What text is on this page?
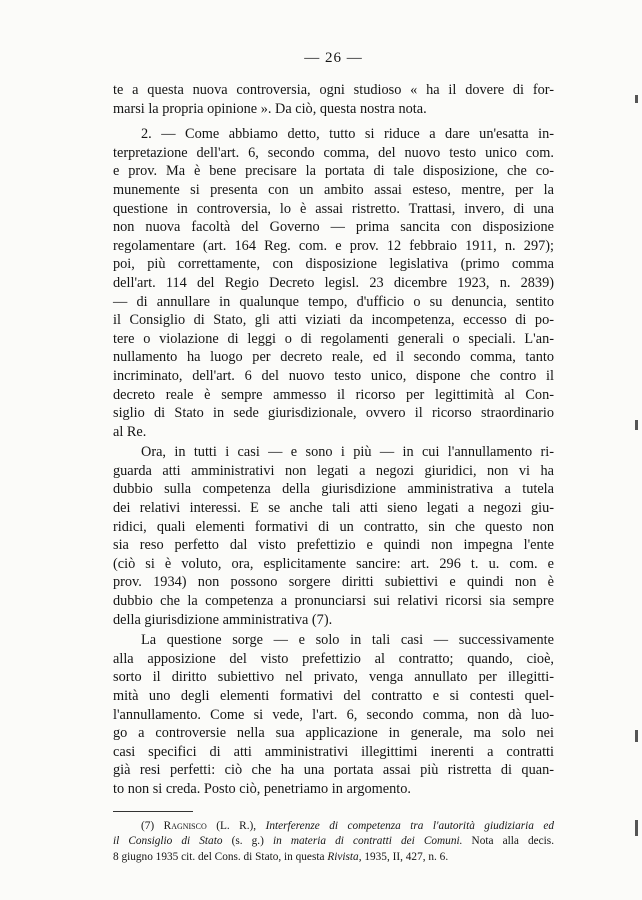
— 26 —
te a questa nuova controversia, ogni studioso « ha il dovere di for-
marsi la propria opinione ». Da ciò, questa nostra nota.
2. — Come abbiamo detto, tutto si riduce a dare un'esatta in-
terpretazione dell'art. 6, secondo comma, del nuovo testo unico com.
e prov. Ma è bene precisare la portata di tale disposizione, che co-
munemente si presenta con un ambito assai esteso, mentre, per la
questione in controversia, lo è assai ristretto. Trattasi, invero, di una
non nuova facoltà del Governo — prima sancita con disposizione
regolamentare (art. 164 Reg. com. e prov. 12 febbraio 1911, n. 297);
poi, più correttamente, con disposizione legislativa (primo comma
dell'art. 114 del Regio Decreto legisl. 23 dicembre 1923, n. 2839)
— di annullare in qualunque tempo, d'ufficio o su denuncia, sentito
il Consiglio di Stato, gli atti viziati da incompetenza, eccesso di po-
tere o violazione di leggi o di regolamenti generali o speciali. L'an-
nullamento ha luogo per decreto reale, ed il secondo comma, tanto
incriminato, dell'art. 6 del nuovo testo unico, dispone che contro il
decreto reale è sempre ammesso il ricorso per legittimità al Con-
siglio di Stato in sede giurisdizionale, ovvero il ricorso straordinario
al Re.
Ora, in tutti i casi — e sono i più — in cui l'annullamento ri-
guarda atti amministrativi non legati a negozi giuridici, non vi ha
dubbio sulla competenza della giurisdizione amministrativa a tutela
dei relativi interessi. E se anche tali atti sieno legati a negozi giu-
ridici, quali elementi formativi di un contratto, sin che questo non
sia reso perfetto dal visto prefettizio e quindi non impegna l'ente
(ciò si è voluto, ora, esplicitamente sancire: art. 296 t. u. com. e
prov. 1934) non possono sorgere diritti subiettivi e quindi non è
dubbio che la competenza a pronunciarsi sui relativi ricorsi sia sempre
della giurisdizione amministrativa (7).
La questione sorge — e solo in tali casi — successivamente
alla apposizione del visto prefettizio al contratto; quando, cioè,
sorto il diritto subiettivo nel privato, venga annullato per illegitti-
mità uno degli elementi formativi del contratto e si contesti quel-
l'annullamento. Come si vede, l'art. 6, secondo comma, non dà luo-
go a controversie nella sua applicazione in generale, ma solo nei
casi specifici di atti amministrativi illegittimi inerenti a contratti
già resi perfetti: ciò che ha una portata assai più ristretta di quan-
to non si creda. Posto ciò, penetriamo in argomento.
(7) Ragnisco (L. R.), Interferenze di competenza tra l'autorità giudiziaria ed
il Consiglio di Stato (s. g.) in materia di contratti dei Comuni. Nota alla decis.
8 giugno 1935 cit. del Cons. di Stato, in questa Rivista, 1935, II, 427, n. 6.
